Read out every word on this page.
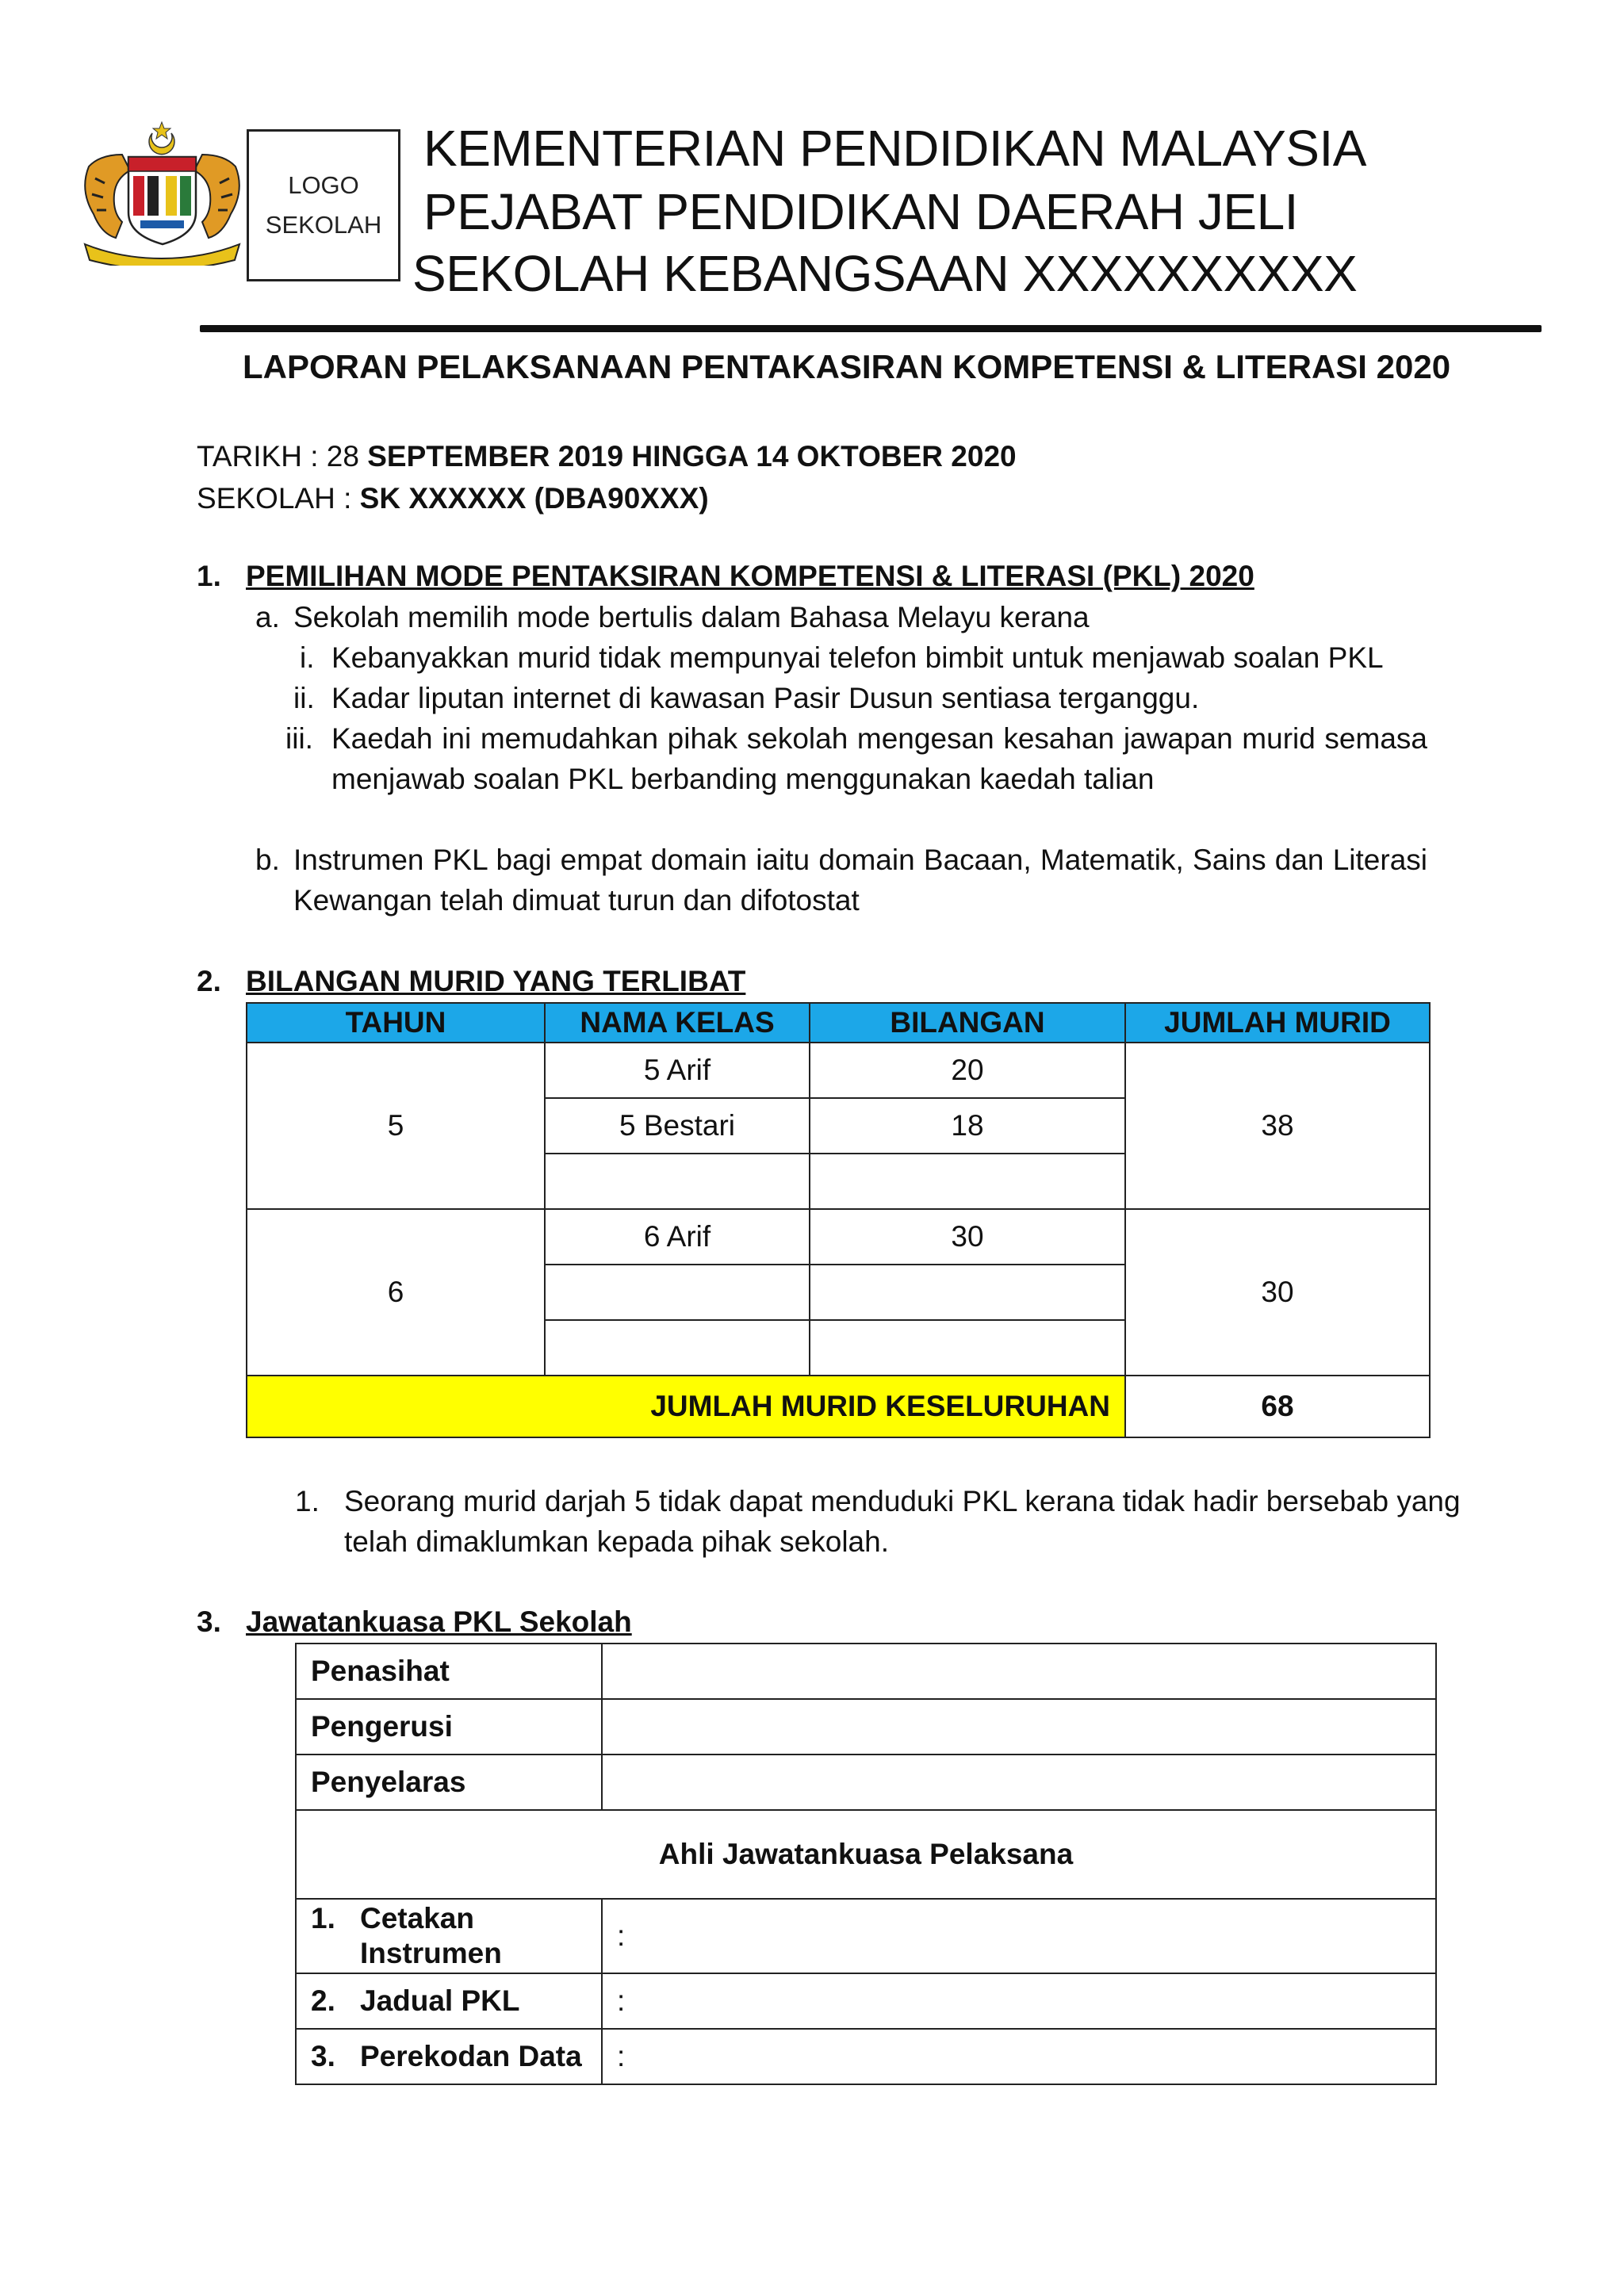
LOGO
SEKOLAH
KEMENTERIAN PENDIDIKAN MALAYSIA
PEJABAT PENDIDIKAN DAERAH JELI
SEKOLAH KEBANGSAAN XXXXXXXXXX
LAPORAN PELAKSANAAN PENTAKASIRAN KOMPETENSI & LITERASI 2020
TARIKH : 28 SEPTEMBER 2019 HINGGA 14 OKTOBER 2020
SEKOLAH : SK XXXXXX (DBA90XXX)
1. PEMILIHAN MODE PENTAKSIRAN KOMPETENSI & LITERASI (PKL) 2020
a. Sekolah memilih mode bertulis dalam Bahasa Melayu kerana
i. Kebanyakkan murid tidak mempunyai telefon bimbit untuk menjawab soalan PKL
ii. Kadar liputan internet di kawasan Pasir Dusun sentiasa terganggu.
iii. Kaedah ini memudahkan pihak sekolah mengesan kesahan jawapan murid semasa
menjawab soalan PKL berbanding menggunakan kaedah talian
b. Instrumen PKL bagi empat domain iaitu domain Bacaan, Matematik, Sains dan Literasi
Kewangan telah dimuat turun dan difotostat
2. BILANGAN MURID YANG TERLIBAT
TAHUN	NAMA KELAS	BILANGAN	JUMLAH MURID
5	5 Arif	20	38
	5 Bestari	18	

6	6 Arif	30	30

JUMLAH MURID KESELURUHAN			68
1. Seorang murid darjah 5 tidak dapat menduduki PKL kerana tidak hadir bersebab yang
telah dimaklumkan kepada pihak sekolah.
3. Jawatankuasa PKL Sekolah
Penasihat	
Pengerusi	
Penyelaras	
Ahli Jawatankuasa Pelaksana	

1. Cetakan
Instrumen	:

2. Jadual PKL	:

3. Perekodan Data	:
